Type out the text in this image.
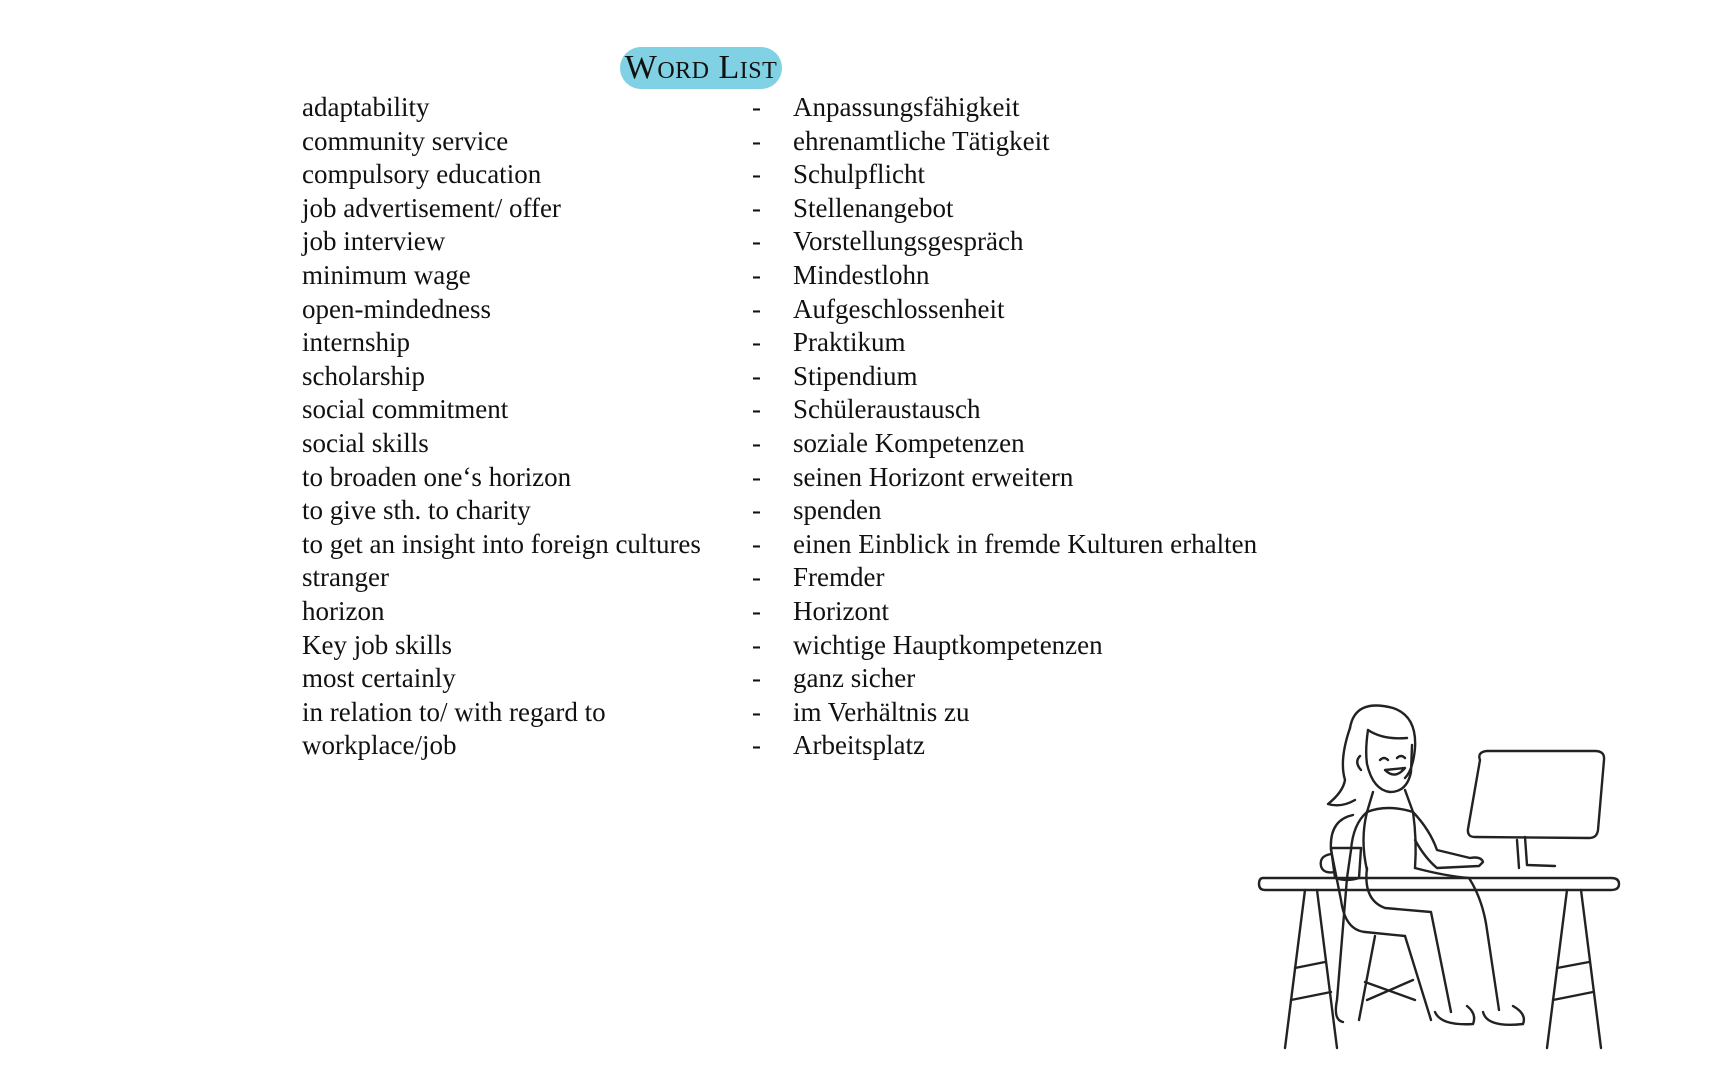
Word List
adaptability	- Anpassungsfähigkeit
community service	- ehrenamtliche Tätigkeit
compulsory education	- Schulpflicht
job advertisement/ offer	- Stellenangebot
job interview	- Vorstellungsgespräch
minimum wage	- Mindestlohn
open-mindedness	- Aufgeschlossenheit
internship	- Praktikum
scholarship	- Stipendium
social commitment	- Schüleraustausch
social skills	- soziale Kompetenzen
to broaden one‘s horizon	- seinen Horizont erweitern
to give sth. to charity	- spenden
to get an insight into foreign cultures - einen Einblick in fremde Kulturen erhalten
stranger	- Fremder
horizon	- Horizont
Key job skills	- wichtige Hauptkompetenzen
most certainly	- ganz sicher
in relation to/ with regard to	- im Verhältnis zu
workplace/job	- Arbeitsplatz
